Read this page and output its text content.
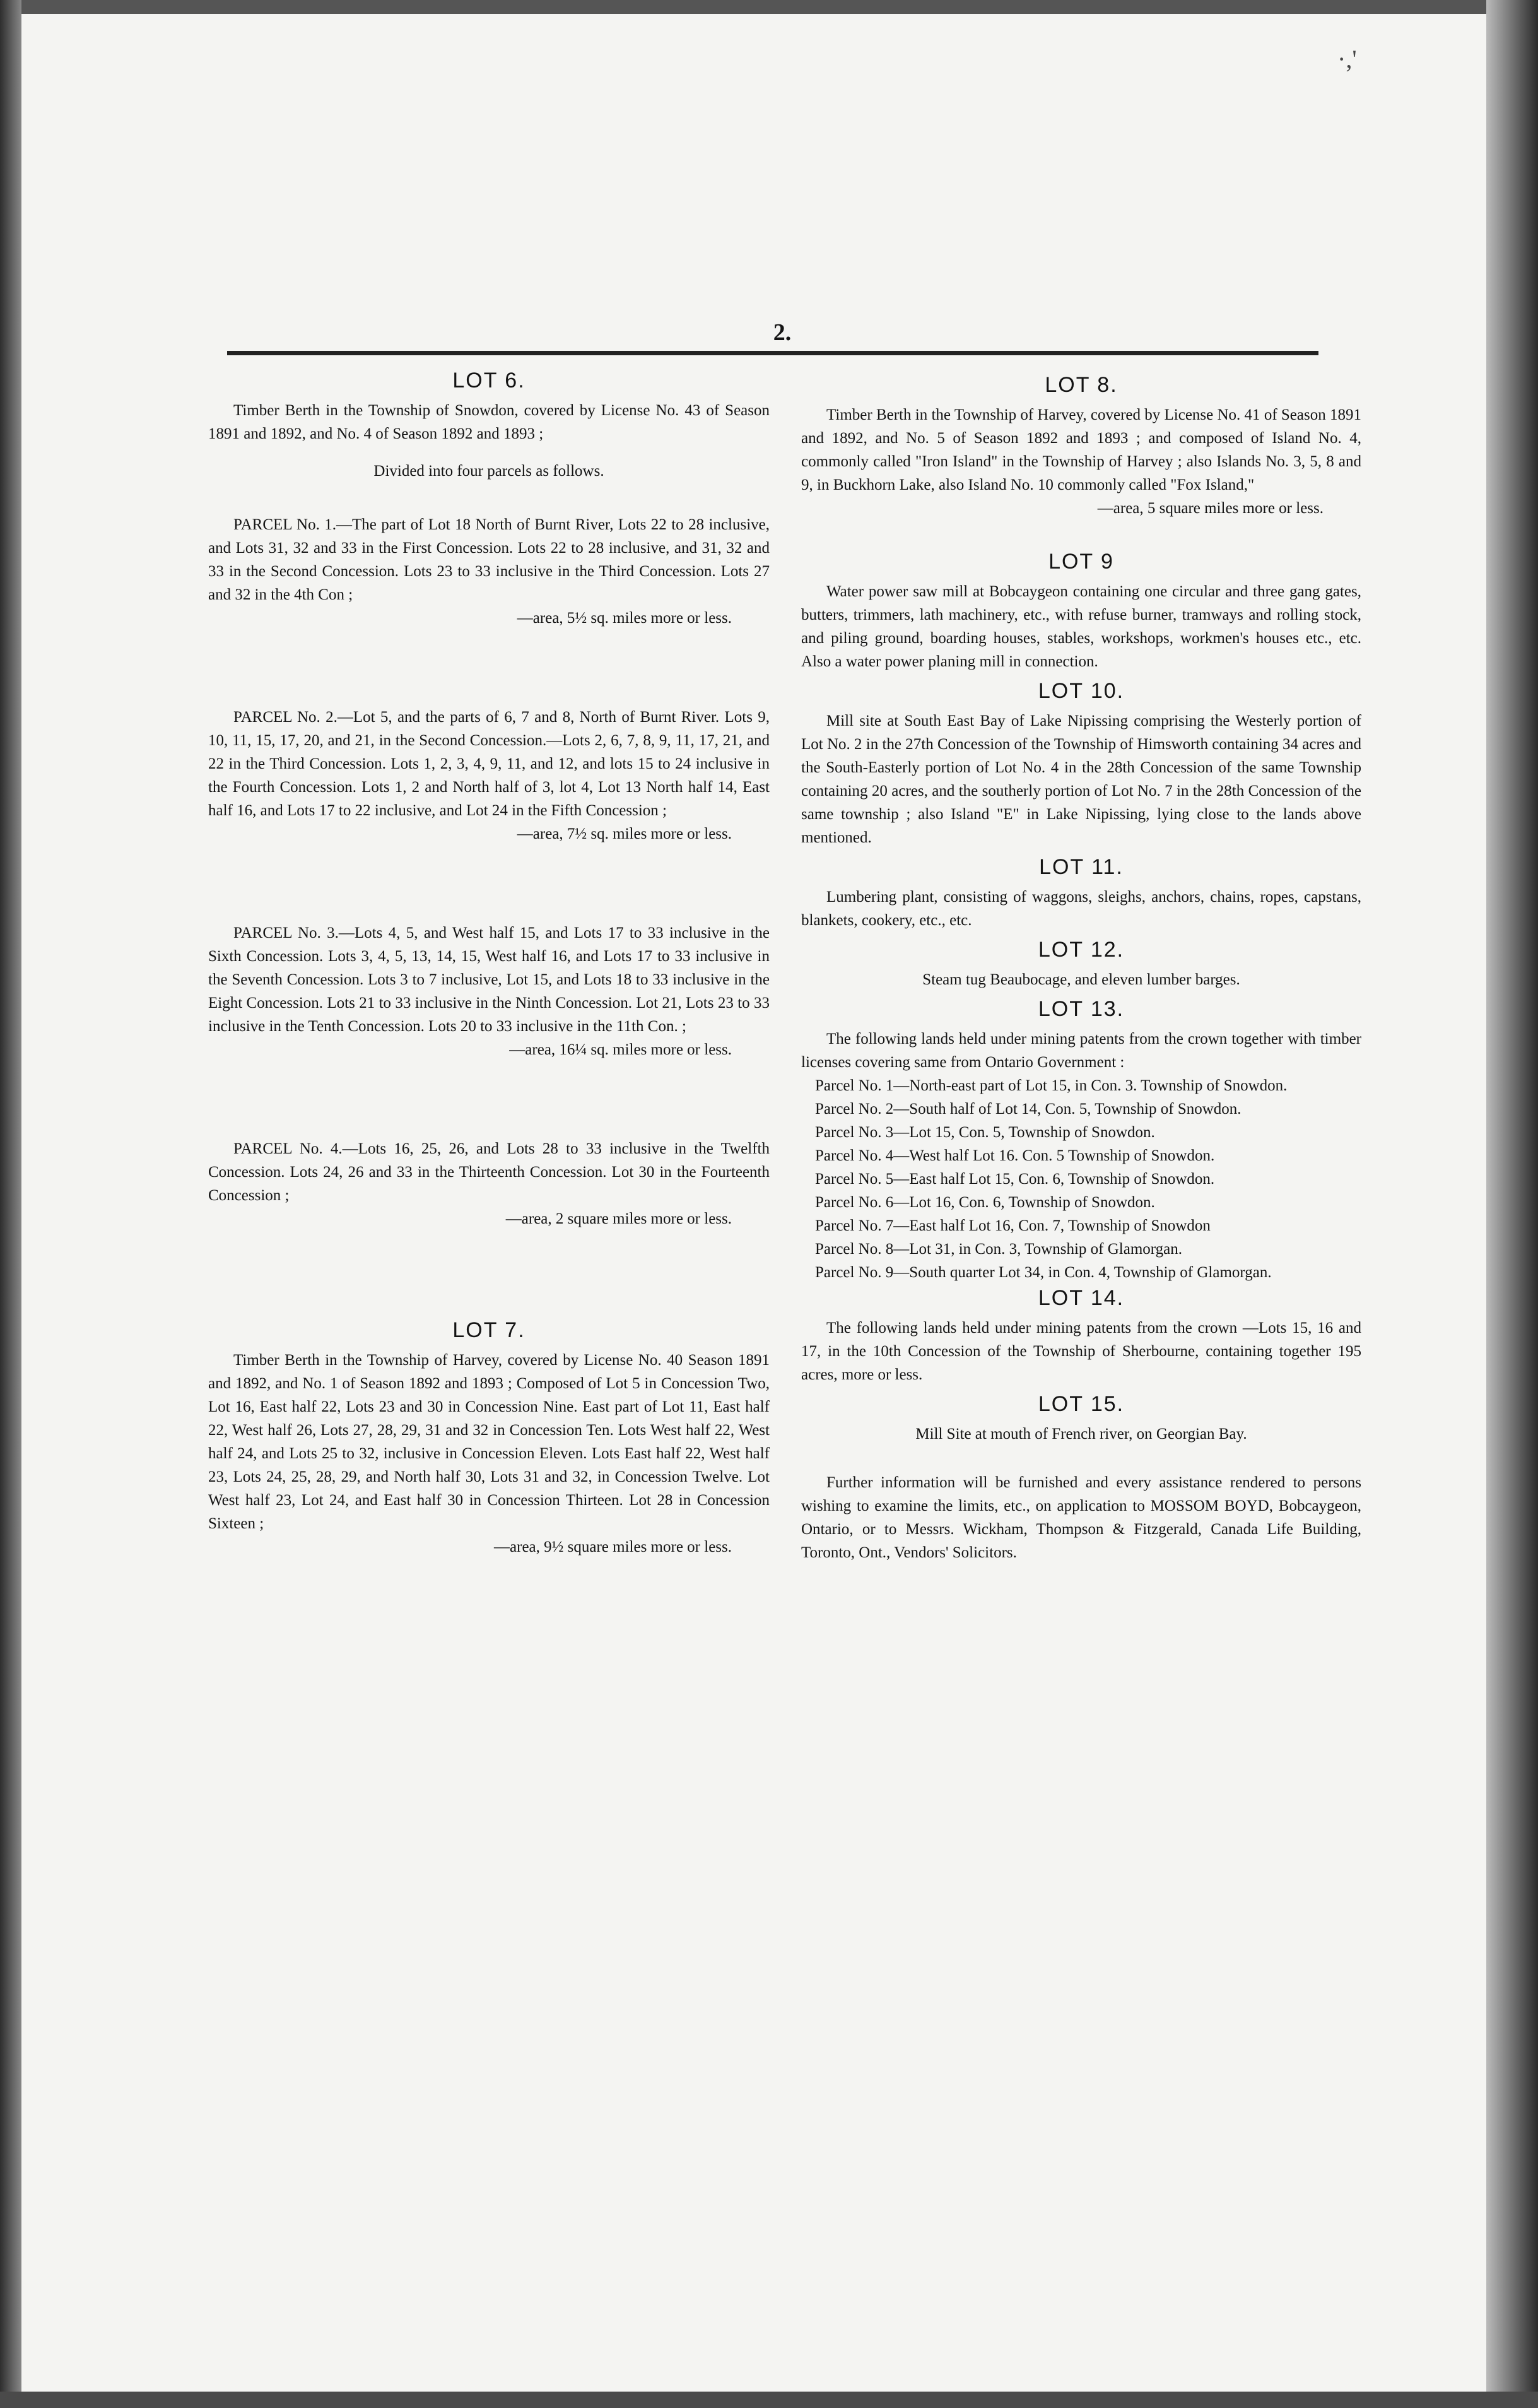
·,'
2.
LOT 6.

Timber Berth in the Township of Snowdon, covered by License No. 43 of Season 1891 and 1892, and No. 4 of Season 1892 and 1893 ;

Divided into four parcels as follows.

PARCEL No. 1.—The part of Lot 18 North of Burnt River, Lots 22 to 28 inclusive, and Lots 31, 32 and 33 in the First Concession. Lots 22 to 28 inclusive, and 31, 32 and 33 in the Second Concession. Lots 23 to 33 inclusive in the Third Concession. Lots 27 and 32 in the 4th Con ;

—area, 5½ sq. miles more or less.

PARCEL No. 2.—Lot 5, and the parts of 6, 7 and 8, North of Burnt River. Lots 9, 10, 11, 15, 17, 20, and 21, in the Second Concession.—Lots 2, 6, 7, 8, 9, 11, 17, 21, and 22 in the Third Concession. Lots 1, 2, 3, 4, 9, 11, and 12, and lots 15 to 24 inclusive in the Fourth Concession. Lots 1, 2 and North half of 3, lot 4, Lot 13 North half 14, East half 16, and Lots 17 to 22 inclusive, and Lot 24 in the Fifth Concession ;

—area, 7½ sq. miles more or less.

PARCEL No. 3.—Lots 4, 5, and West half 15, and Lots 17 to 33 inclusive in the Sixth Concession. Lots 3, 4, 5, 13, 14, 15, West half 16, and Lots 17 to 33 inclusive in the Seventh Concession. Lots 3 to 7 inclusive, Lot 15, and Lots 18 to 33 inclusive in the Eight Concession. Lots 21 to 33 inclusive in the Ninth Concession. Lot 21, Lots 23 to 33 inclusive in the Tenth Concession. Lots 20 to 33 inclusive in the 11th Con. ;

—area, 16¼ sq. miles more or less.

PARCEL No. 4.—Lots 16, 25, 26, and Lots 28 to 33 inclusive in the Twelfth Concession. Lots 24, 26 and 33 in the Thirteenth Concession. Lot 30 in the Fourteenth Concession ;

—area, 2 square miles more or less.

LOT 7.

Timber Berth in the Township of Harvey, covered by License No. 40 Season 1891 and 1892, and No. 1 of Season 1892 and 1893 ; Composed of Lot 5 in Concession Two, Lot 16, East half 22, Lots 23 and 30 in Concession Nine. East part of Lot 11, East half 22, West half 26, Lots 27, 28, 29, 31 and 32 in Concession Ten. Lots West half 22, West half 24, and Lots 25 to 32, inclusive in Concession Eleven. Lots East half 22, West half 23, Lots 24, 25, 28, 29, and North half 30, Lots 31 and 32, in Concession Twelve. Lot West half 23, Lot 24, and East half 30 in Concession Thirteen. Lot 28 in Concession Sixteen ;

—area, 9½ square miles more or less.

LOT 8.

Timber Berth in the Township of Harvey, covered by License No. 41 of Season 1891 and 1892, and No. 5 of Season 1892 and 1893 ; and composed of Island No. 4, commonly called "Iron Island" in the Township of Harvey ; also Islands No. 3, 5, 8 and 9, in Buckhorn Lake, also Island No. 10 commonly called "Fox Island,"

—area, 5 square miles more or less.

LOT 9

Water power saw mill at Bobcaygeon containing one circular and three gang gates, butters, trimmers, lath machinery, etc., with refuse burner, tramways and rolling stock, and piling ground, boarding houses, stables, workshops, workmen's houses etc., etc. Also a water power planing mill in connection.

LOT 10.

Mill site at South East Bay of Lake Nipissing comprising the Westerly portion of Lot No. 2 in the 27th Concession of the Township of Himsworth containing 34 acres and the South-Easterly portion of Lot No. 4 in the 28th Concession of the same Township containing 20 acres, and the southerly portion of Lot No. 7 in the 28th Concession of the same township ; also Island "E" in Lake Nipissing, lying close to the lands above mentioned.

LOT 11.

Lumbering plant, consisting of waggons, sleighs, anchors, chains, ropes, capstans, blankets, cookery, etc., etc.

LOT 12.

Steam tug Beaubocage, and eleven lumber barges.

LOT 13.

The following lands held under mining patents from the crown together with timber licenses covering same from Ontario Government :

Parcel No. 1—North-east part of Lot 15, in Con. 3. Township of Snowdon.

Parcel No. 2—South half of Lot 14, Con. 5, Township of Snowdon.

Parcel No. 3—Lot 15, Con. 5, Township of Snowdon.

Parcel No. 4—West half Lot 16. Con. 5 Township of Snowdon.

Parcel No. 5—East half Lot 15, Con. 6, Township of Snowdon.

Parcel No. 6—Lot 16, Con. 6, Township of Snowdon.

Parcel No. 7—East half Lot 16, Con. 7, Township of Snowdon

Parcel No. 8—Lot 31, in Con. 3, Township of Glamorgan.

Parcel No. 9—South quarter Lot 34, in Con. 4, Township of Glamorgan.

LOT 14.

The following lands held under mining patents from the crown —Lots 15, 16 and 17, in the 10th Concession of the Township of Sherbourne, containing together 195 acres, more or less.

LOT 15.

Mill Site at mouth of French river, on Georgian Bay.

Further information will be furnished and every assistance rendered to persons wishing to examine the limits, etc., on application to MOSSOM BOYD, Bobcaygeon, Ontario, or to Messrs. Wickham, Thompson & Fitzgerald, Canada Life Building, Toronto, Ont., Vendors' Solicitors.
